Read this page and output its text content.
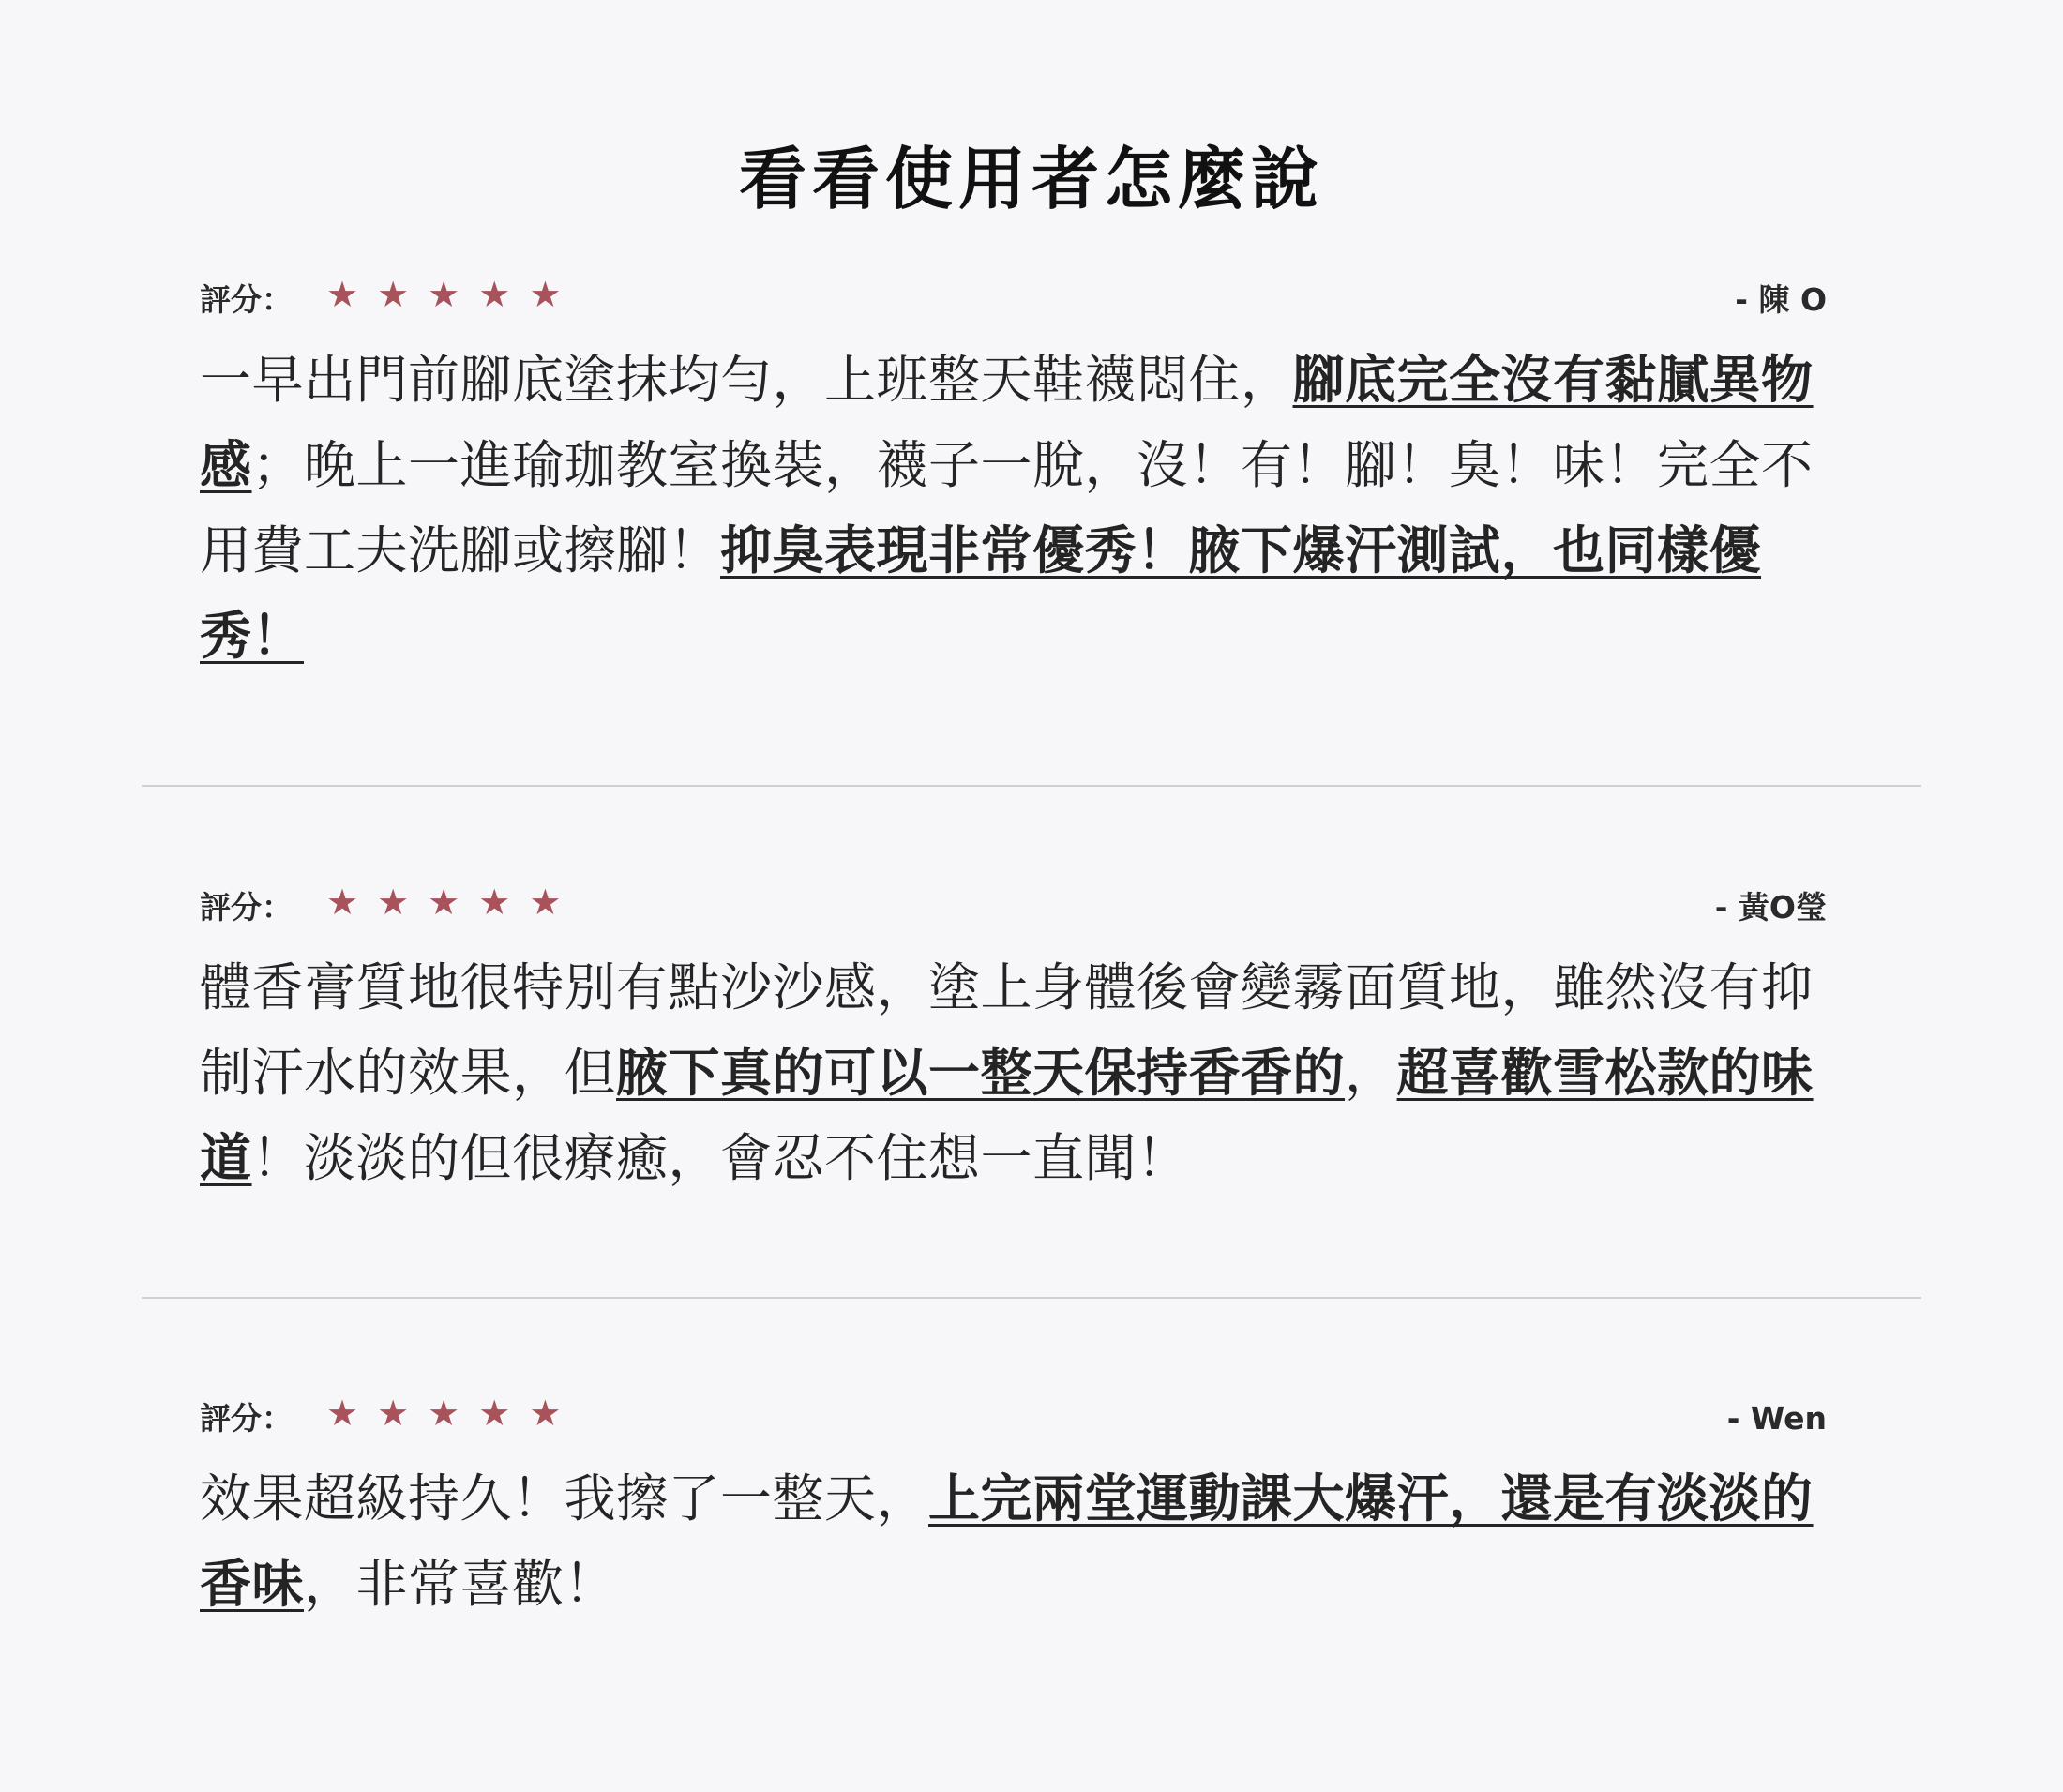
看看使用者怎麼說
評分： ★★★★★	- 陳 O

一早出門前腳底塗抹均勻，上班整天鞋襪悶住，腳底完全沒有黏膩異物感；晚上一進瑜珈教室換裝，襪子一脫，沒！有！腳！臭！味！完全不用費工夫洗腳或擦腳！抑臭表現非常優秀！腋下爆汗測試，也同樣優秀！

評分： ★★★★★	- 黃O瑩

體香膏質地很特別有點沙沙感，塗上身體後會變霧面質地，雖然沒有抑制汗水的效果，但腋下真的可以一整天保持香香的，超喜歡雪松款的味道！淡淡的但很療癒，會忍不住想一直聞！

評分： ★★★★★	- Wen

效果超級持久！我擦了一整天，上完兩堂運動課大爆汗，還是有淡淡的香味，非常喜歡！
